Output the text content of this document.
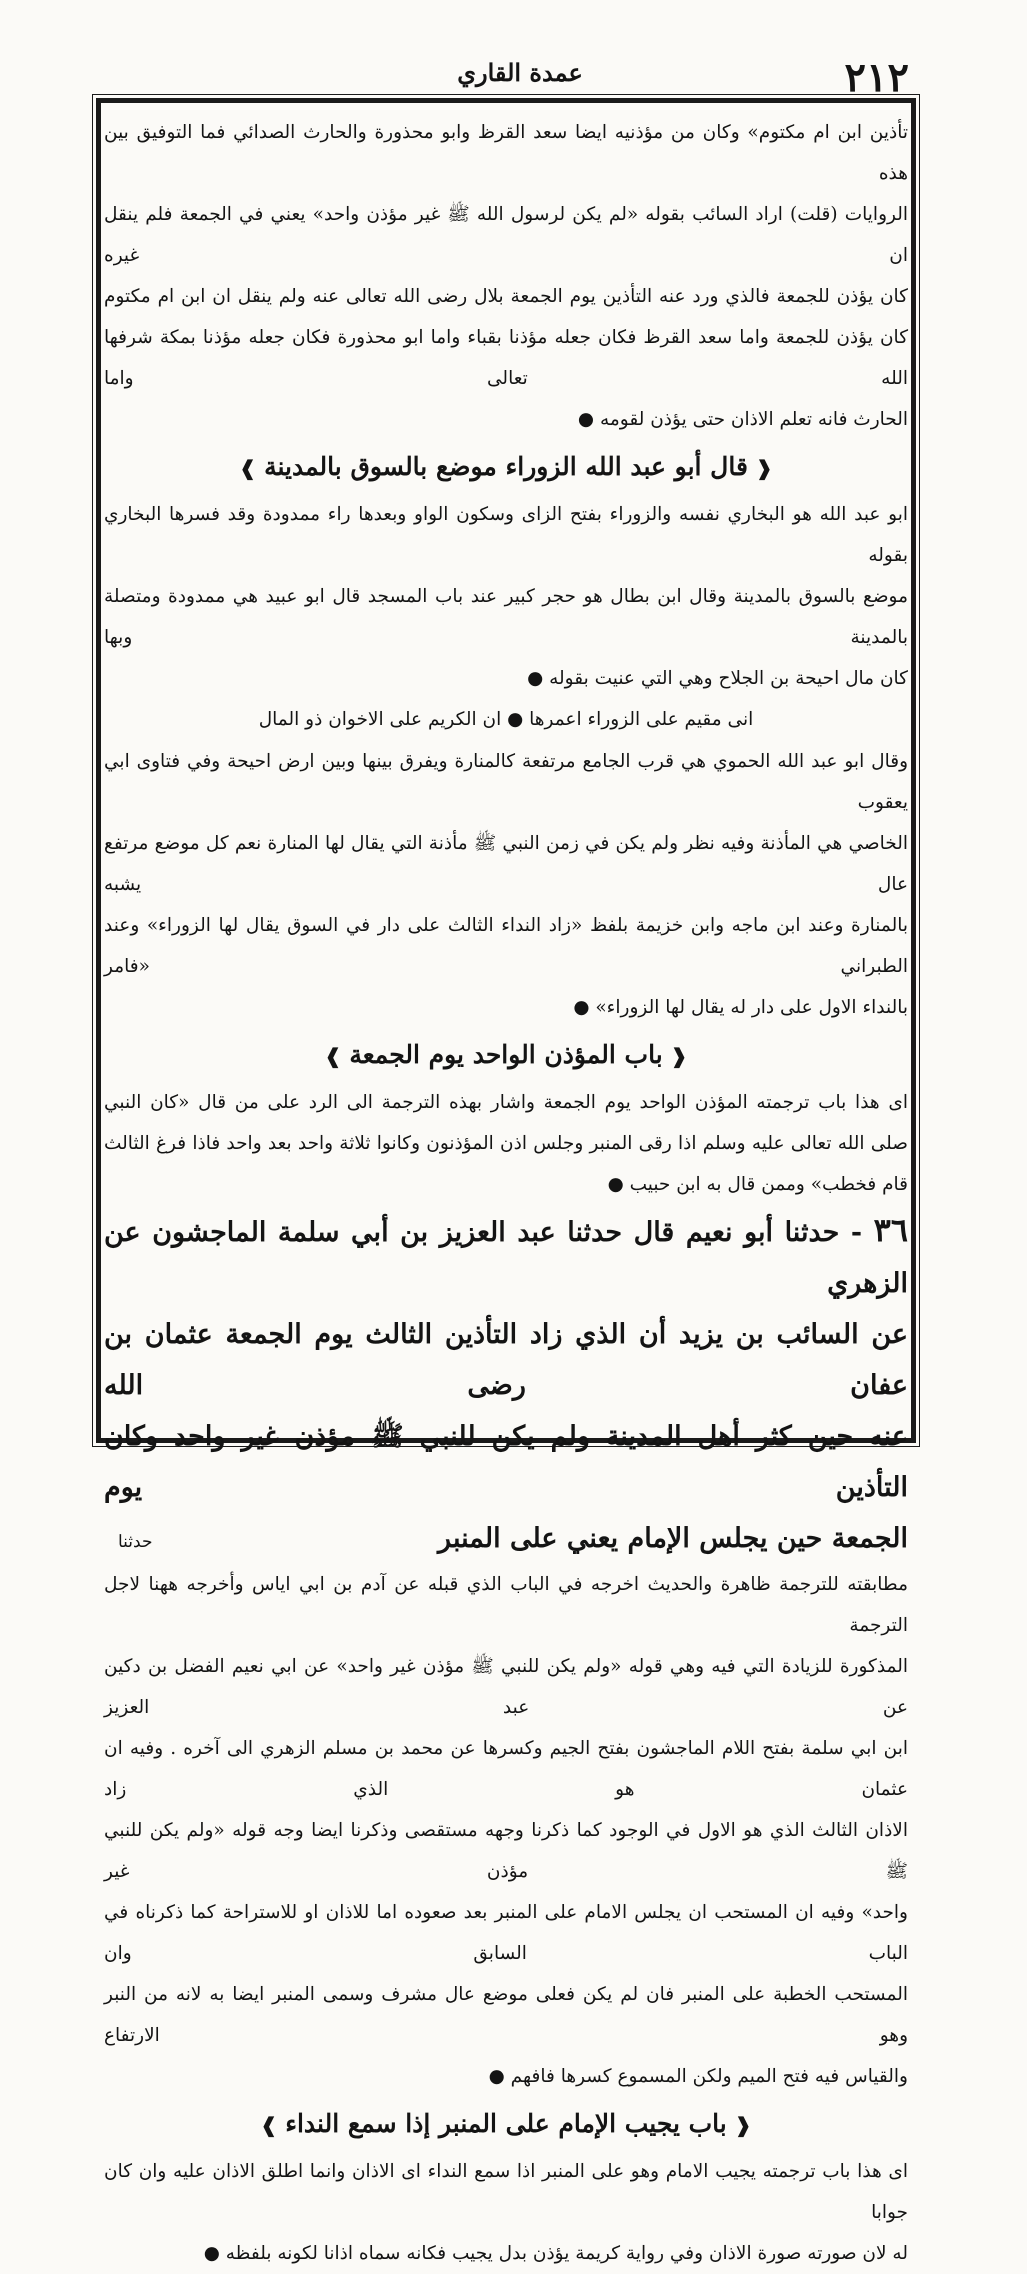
٢١٢
عمدة القاري

تأذين ابن ام مكتوم» وكان من مؤذنيه ايضا سعد القرظ وابو محذورة والحارث الصدائي فما التوفيق بين هذه

الروايات (قلت) اراد السائب بقوله «لم يكن لرسول الله ﷺ غير مؤذن واحد» يعني في الجمعة فلم ينقل ان غيره

كان يؤذن للجمعة فالذي ورد عنه التأذين يوم الجمعة بلال رضى الله تعالى عنه ولم ينقل ان ابن ام مكتوم

كان يؤذن للجمعة واما سعد القرظ فكان جعله مؤذنا بقباء واما ابو محذورة فكان جعله مؤذنا بمكة شرفها الله تعالى واما

الحارث فانه تعلم الاذان حتى يؤذن لقومه ●

❰قال أبو عبد الله الزوراء موضع بالسوق بالمدينة❱

ابو عبد الله هو البخاري نفسه والزوراء بفتح الزاى وسكون الواو وبعدها راء ممدودة وقد فسرها البخاري بقوله

موضع بالسوق بالمدينة وقال ابن بطال هو حجر كبير عند باب المسجد قال ابو عبيد هي ممدودة ومتصلة بالمدينة وبها

كان مال احيحة بن الجلاح وهي التي عنيت بقوله ●

انى مقيم على الزوراء اعمرها ● ان الكريم على الاخوان ذو المال

وقال ابو عبد الله الحموي هي قرب الجامع مرتفعة كالمنارة ويفرق بينها وبين ارض احيحة وفي فتاوى ابي يعقوب

الخاصي هي المأذنة وفيه نظر ولم يكن في زمن النبي ﷺ مأذنة التي يقال لها المنارة نعم كل موضع مرتفع عال يشبه

بالمنارة وعند ابن ماجه وابن خزيمة بلفظ «زاد النداء الثالث على دار في السوق يقال لها الزوراء» وعند الطبراني «فامر

بالنداء الاول على دار له يقال لها الزوراء» ●

❰باب المؤذن الواحد يوم الجمعة❱

اى هذا باب ترجمته المؤذن الواحد يوم الجمعة واشار بهذه الترجمة الى الرد على من قال «كان النبي

صلى الله تعالى عليه وسلم اذا رقى المنبر وجلس اذن المؤذنون وكانوا ثلاثة واحد بعد واحد فاذا فرغ الثالث

قام فخطب» وممن قال به ابن حبيب ●

٣٦ - حدثنا أبو نعيم قال حدثنا عبد العزيز بن أبي سلمة الماجشون عن الزهري

عن السائب بن يزيد أن الذي زاد التأذين الثالث يوم الجمعة عثمان بن عفان رضى الله

عنه حين كثر أهل المدينة ولم يكن للنبي ﷺ مؤذن غير واحد وكان التأذين يوم

الجمعة حين يجلس الإمام يعني على المنبر

مطابقته للترجمة ظاهرة والحديث اخرجه في الباب الذي قبله عن آدم بن ابي اياس وأخرجه ههنا لاجل الترجمة

المذكورة للزيادة التي فيه وهي قوله «ولم يكن للنبي ﷺ مؤذن غير واحد» عن ابي نعيم الفضل بن دكين عن عبد العزيز

ابن ابي سلمة بفتح اللام الماجشون بفتح الجيم وكسرها عن محمد بن مسلم الزهري الى آخره . وفيه ان عثمان هو الذي زاد

الاذان الثالث الذي هو الاول في الوجود كما ذكرنا وجهه مستقصى وذكرنا ايضا وجه قوله «ولم يكن للنبي ﷺ مؤذن غير

واحد» وفيه ان المستحب ان يجلس الامام على المنبر بعد صعوده اما للاذان او للاستراحة كما ذكرناه في الباب السابق وان

المستحب الخطبة على المنبر فان لم يكن فعلى موضع عال مشرف وسمى المنبر ايضا به لانه من النبر وهو الارتفاع

والقياس فيه فتح الميم ولكن المسموع كسرها فافهم ●

❰باب يجيب الإمام على المنبر إذا سمع النداء❱

اى هذا باب ترجمته يجيب الامام وهو على المنبر اذا سمع النداء اى الاذان وانما اطلق الاذان عليه وان كان جوابا

له لان صورته صورة الاذان وفي رواية كريمة يؤذن بدل يجيب فكانه سماه اذانا لكونه بلفظه ●

حدثنا
